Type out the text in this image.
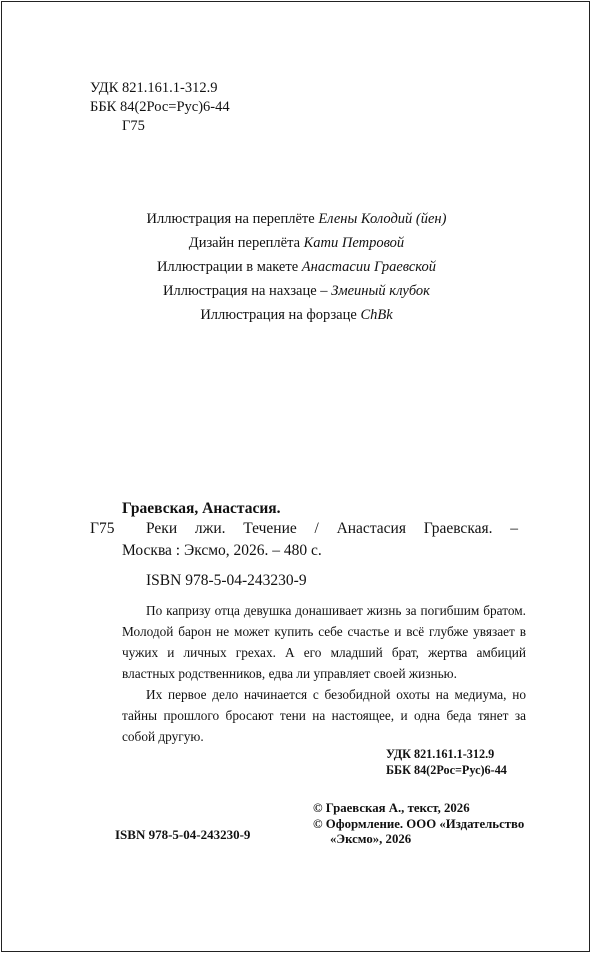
УДК 821.161.1-312.9
ББК 84(2Рос=Рус)6-44
Г75
Иллюстрация на переплёте Елены Колодий (йен)
Дизайн переплёта Кати Петровой
Иллюстрации в макете Анастасии Граевской
Иллюстрация на нахзаце – Змеиный клубок
Иллюстрация на форзаце ChBk
Граевская, Анастасия.
Г75 Реки лжи. Течение / Анастасия Граевская. –
Москва : Эксмо, 2026. – 480 с.
ISBN 978-5-04-243230-9

По капризу отца девушка донашивает жизнь за погибшим братом. Молодой барон не может купить себе счастье и всё глубже увязает в чужих и личных грехах. А его младший брат, жертва амбиций властных родственников, едва ли управляет своей жизнью.

Их первое дело начинается с безобидной охоты на медиума, но тайны прошлого бросают тени на настоящее, и одна беда тянет за собой другую.

УДК 821.161.1-312.9
ББК 84(2Рос=Рус)6-44
ISBN 978-5-04-243230-9
© Граевская А., текст, 2026
© Оформление. ООО «Издательство
«Эксмо», 2026
